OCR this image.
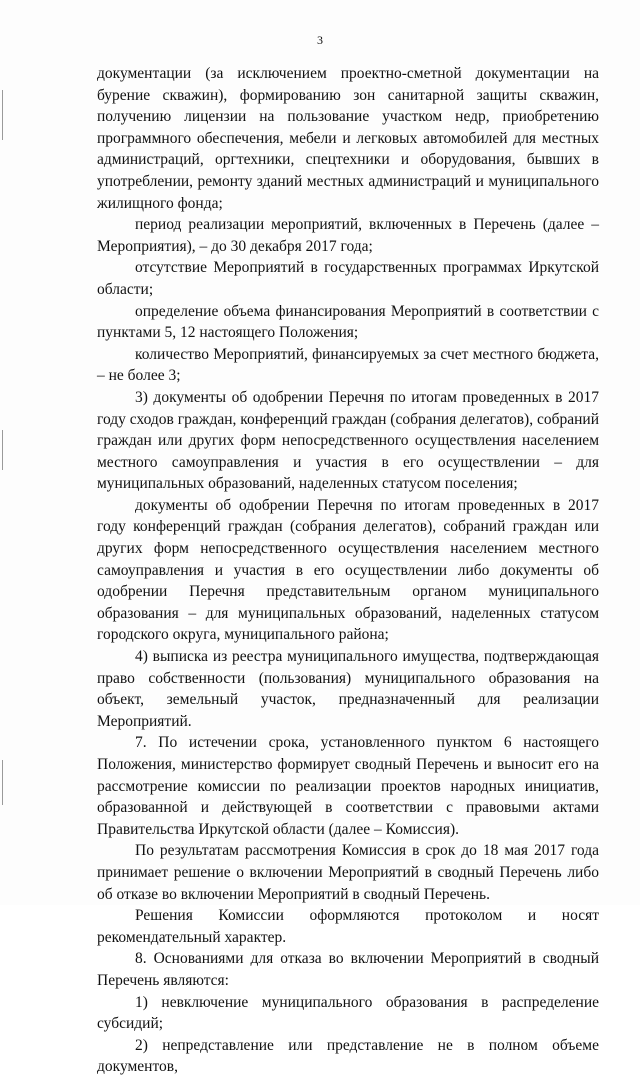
3

документации (за исключением проектно-сметной документации на бурение скважин), формированию зон санитарной защиты скважин, получению лицензии на пользование участком недр, приобретению программного обеспечения, мебели и легковых автомобилей для местных администраций, оргтехники, спецтехники и оборудования, бывших в употреблении, ремонту зданий местных администраций и муниципального жилищного фонда;

период реализации мероприятий, включенных в Перечень (далее – Мероприятия), – до 30 декабря 2017 года;

отсутствие Мероприятий в государственных программах Иркутской области;

определение объема финансирования Мероприятий в соответствии с пунктами 5, 12 настоящего Положения;

количество Мероприятий, финансируемых за счет местного бюджета, – не более 3;

3) документы об одобрении Перечня по итогам проведенных в 2017 году сходов граждан, конференций граждан (собрания делегатов), собраний граждан или других форм непосредственного осуществления населением местного самоуправления и участия в его осуществлении – для муниципальных образований, наделенных статусом поселения;

документы об одобрении Перечня по итогам проведенных в 2017 году конференций граждан (собрания делегатов), собраний граждан или других форм непосредственного осуществления населением местного самоуправления и участия в его осуществлении либо документы об одобрении Перечня представительным органом муниципального образования – для муниципальных образований, наделенных статусом городского округа, муниципального района;

4) выписка из реестра муниципального имущества, подтверждающая право собственности (пользования) муниципального образования на объект, земельный участок, предназначенный для реализации Мероприятий.

7. По истечении срока, установленного пунктом 6 настоящего Положения, министерство формирует сводный Перечень и выносит его на рассмотрение комиссии по реализации проектов народных инициатив, образованной и действующей в соответствии с правовыми актами Правительства Иркутской области (далее – Комиссия).

По результатам рассмотрения Комиссия в срок до 18 мая 2017 года принимает решение о включении Мероприятий в сводный Перечень либо об отказе во включении Мероприятий в сводный Перечень.

Решения Комиссии оформляются протоколом и носят рекомендательный характер.

8. Основаниями для отказа во включении Мероприятий в сводный Перечень являются:

1) невключение муниципального образования в распределение субсидий;

2) непредставление или представление не в полном объеме документов,
